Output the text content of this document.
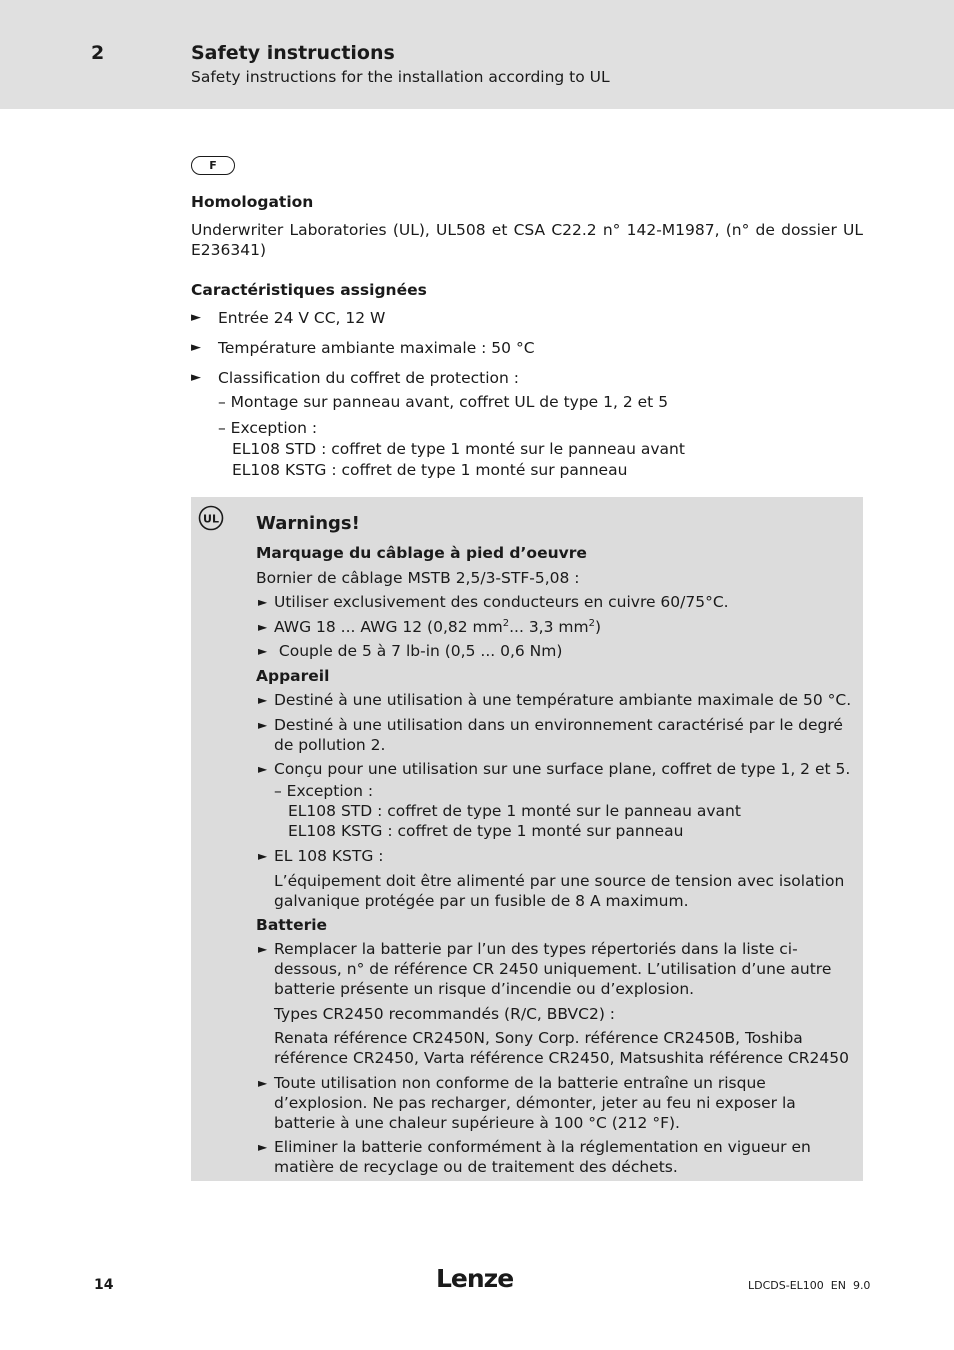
2	Safety instructions
Safety instructions for the installation according to UL
F
Homologation
Underwriter Laboratories (UL), UL508 et CSA C22.2 n° 142-M1987, (n° de dossier UL E236341)
Caractéristiques assignées
► Entrée 24 V CC, 12 W
► Température ambiante maximale : 50 °C
► Classification du coffret de protection :
– Montage sur panneau avant, coffret UL de type 1, 2 et 5
– Exception :
EL108 STD : coffret de type 1 monté sur le panneau avant
EL108 KSTG : coffret de type 1 monté sur panneau
UL Warnings!
Marquage du câblage à pied d’oeuvre
Bornier de câblage MSTB 2,5/3-STF-5,08 :
► Utiliser exclusivement des conducteurs en cuivre 60/75°C.
► AWG 18 ... AWG 12 (0,82 $mm^2$... 3,3 $mm^2$)
► Couple de 5 à 7 lb-in (0,5 ... 0,6 Nm)
Appareil
► Destiné à une utilisation à une température ambiante maximale de 50 °C.
► Destiné à une utilisation dans un environnement caractérisé par le degré de pollution 2.
► Conçu pour une utilisation sur une surface plane, coffret de type 1, 2 et 5.
– Exception :
EL108 STD : coffret de type 1 monté sur le panneau avant
EL108 KSTG : coffret de type 1 monté sur panneau
► EL 108 KSTG :
L’équipement doit être alimenté par une source de tension avec isolation galvanique protégée par un fusible de 8 A maximum.
Batterie
► Remplacer la batterie par l’un des types répertoriés dans la liste ci-dessous, n° de référence CR 2450 uniquement. L’utilisation d’une autre batterie présente un risque d’incendie ou d’explosion.
Types CR2450 recommandés (R/C, BBVC2) :
Renata référence CR2450N, Sony Corp. référence CR2450B, Toshiba référence CR2450, Varta référence CR2450, Matsushita référence CR2450
► Toute utilisation non conforme de la batterie entraîne un risque d’explosion. Ne pas recharger, démonter, jeter au feu ni exposer la batterie à une chaleur supérieure à 100 °C (212 °F).
► Eliminer la batterie conformément à la réglementation en vigueur en matière de recyclage ou de traitement des déchets.
14	Lenze	LDCDS-EL100  EN  9.0
